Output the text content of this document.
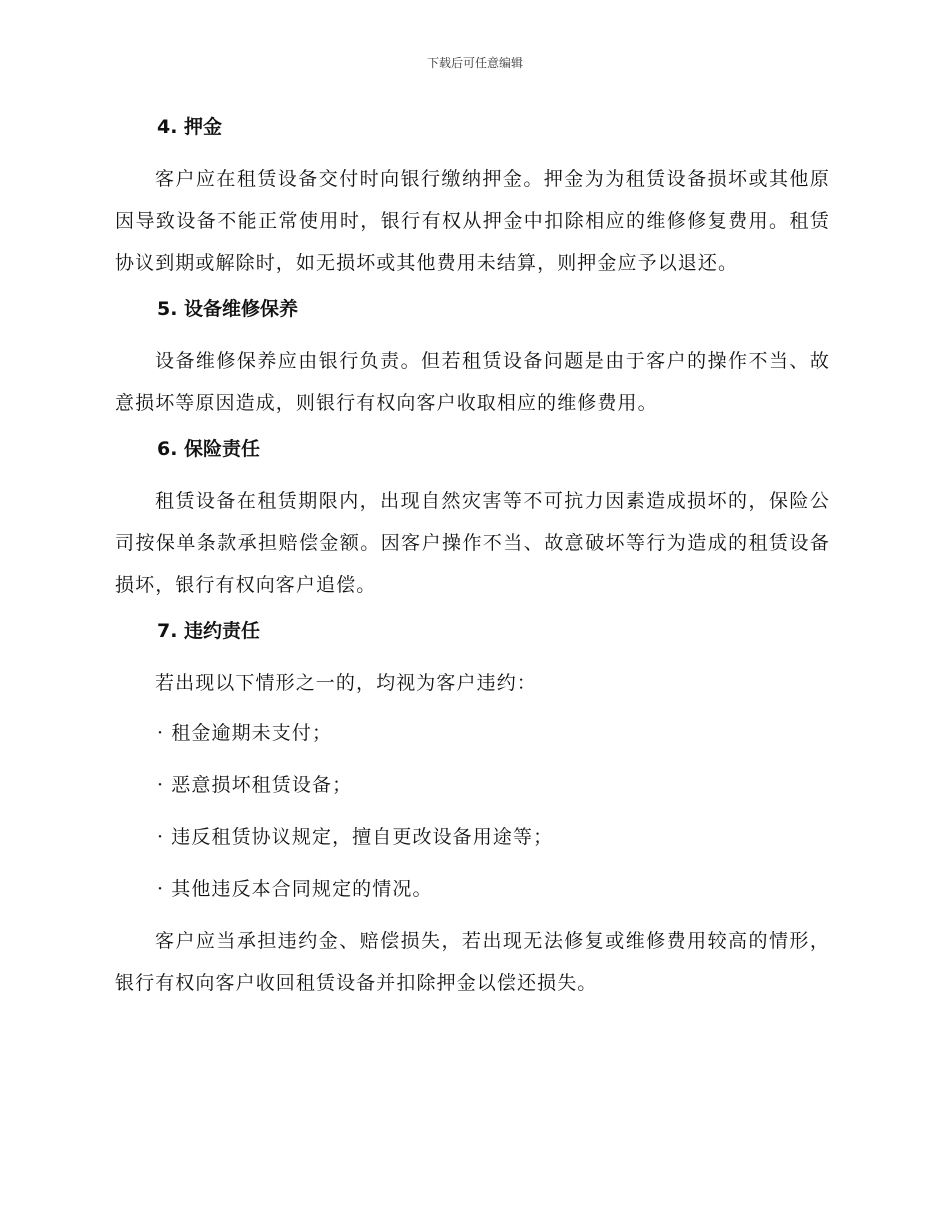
下载后可任意编辑
4. 押金

客户应在租赁设备交付时向银行缴纳押金。押金为为租赁设备损坏或其他原因导致设备不能正常使用时，银行有权从押金中扣除相应的维修修复费用。租赁协议到期或解除时，如无损坏或其他费用未结算，则押金应予以退还。

5. 设备维修保养

设备维修保养应由银行负责。但若租赁设备问题是由于客户的操作不当、故意损坏等原因造成，则银行有权向客户收取相应的维修费用。

6. 保险责任

租赁设备在租赁期限内，出现自然灾害等不可抗力因素造成损坏的，保险公司按保单条款承担赔偿金额。因客户操作不当、故意破坏等行为造成的租赁设备损坏，银行有权向客户追偿。

7. 违约责任

若出现以下情形之一的，均视为客户违约：

· 租金逾期未支付；
· 恶意损坏租赁设备；
· 违反租赁协议规定，擅自更改设备用途等；
· 其他违反本合同规定的情况。

客户应当承担违约金、赔偿损失，若出现无法修复或维修费用较高的情形，银行有权向客户收回租赁设备并扣除押金以偿还损失。
